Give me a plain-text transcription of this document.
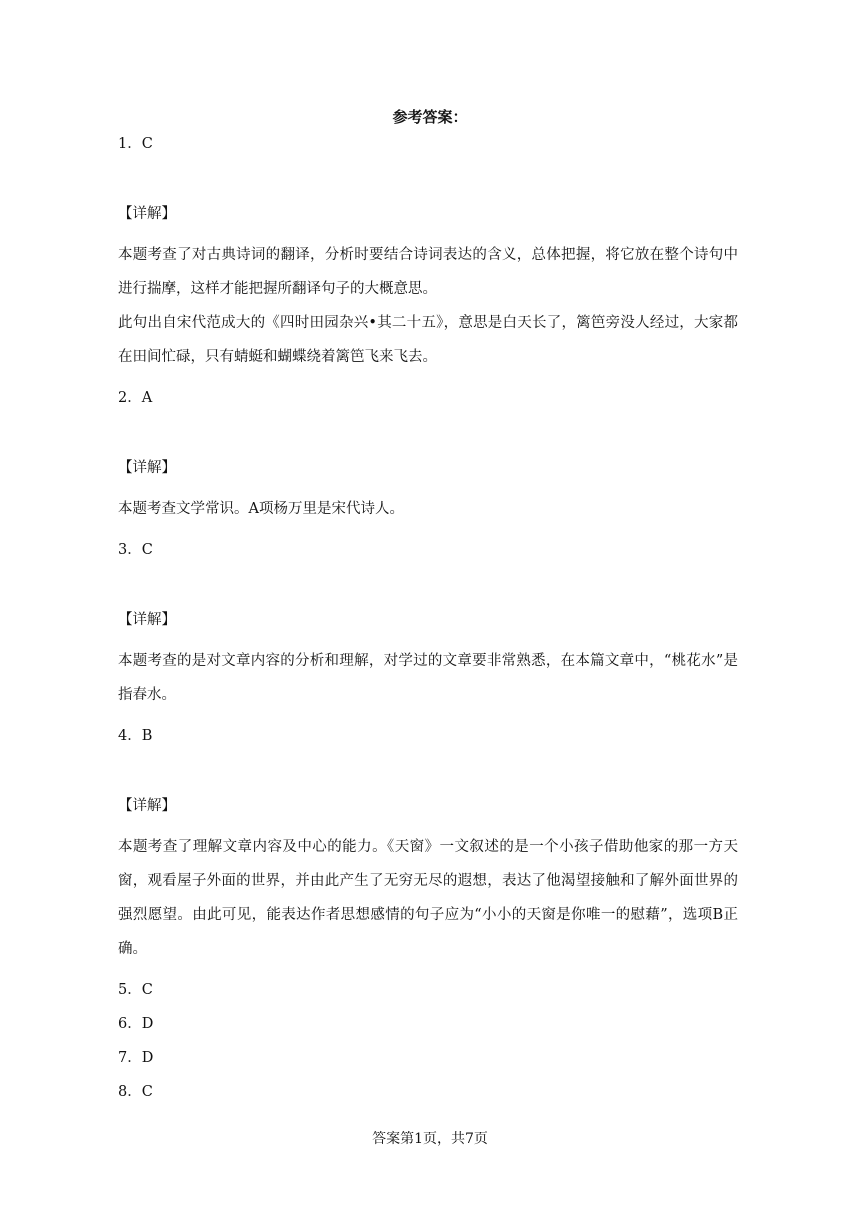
参考答案：

1．C

【详解】

本题考查了对古典诗词的翻译，分析时要结合诗词表达的含义，总体把握，将它放在整个诗句中进行揣摩，这样才能把握所翻译句子的大概意思。

此句出自宋代范成大的《四时田园杂兴•其二十五》，意思是白天长了，篱笆旁没人经过，大家都在田间忙碌，只有蜻蜓和蝴蝶绕着篱笆飞来飞去。

2．A

【详解】

本题考查文学常识。A项杨万里是宋代诗人。

3．C

【详解】

本题考查的是对文章内容的分析和理解，对学过的文章要非常熟悉，在本篇文章中，“桃花水”是指春水。

4．B

【详解】

本题考查了理解文章内容及中心的能力。《天窗》一文叙述的是一个小孩子借助他家的那一方天窗，观看屋子外面的世界，并由此产生了无穷无尽的遐想，表达了他渴望接触和了解外面世界的强烈愿望。由此可见，能表达作者思想感情的句子应为“小小的天窗是你唯一的慰藉”，选项B正确。

5．C

6．D

7．D

8．C

答案第1页，共7页
